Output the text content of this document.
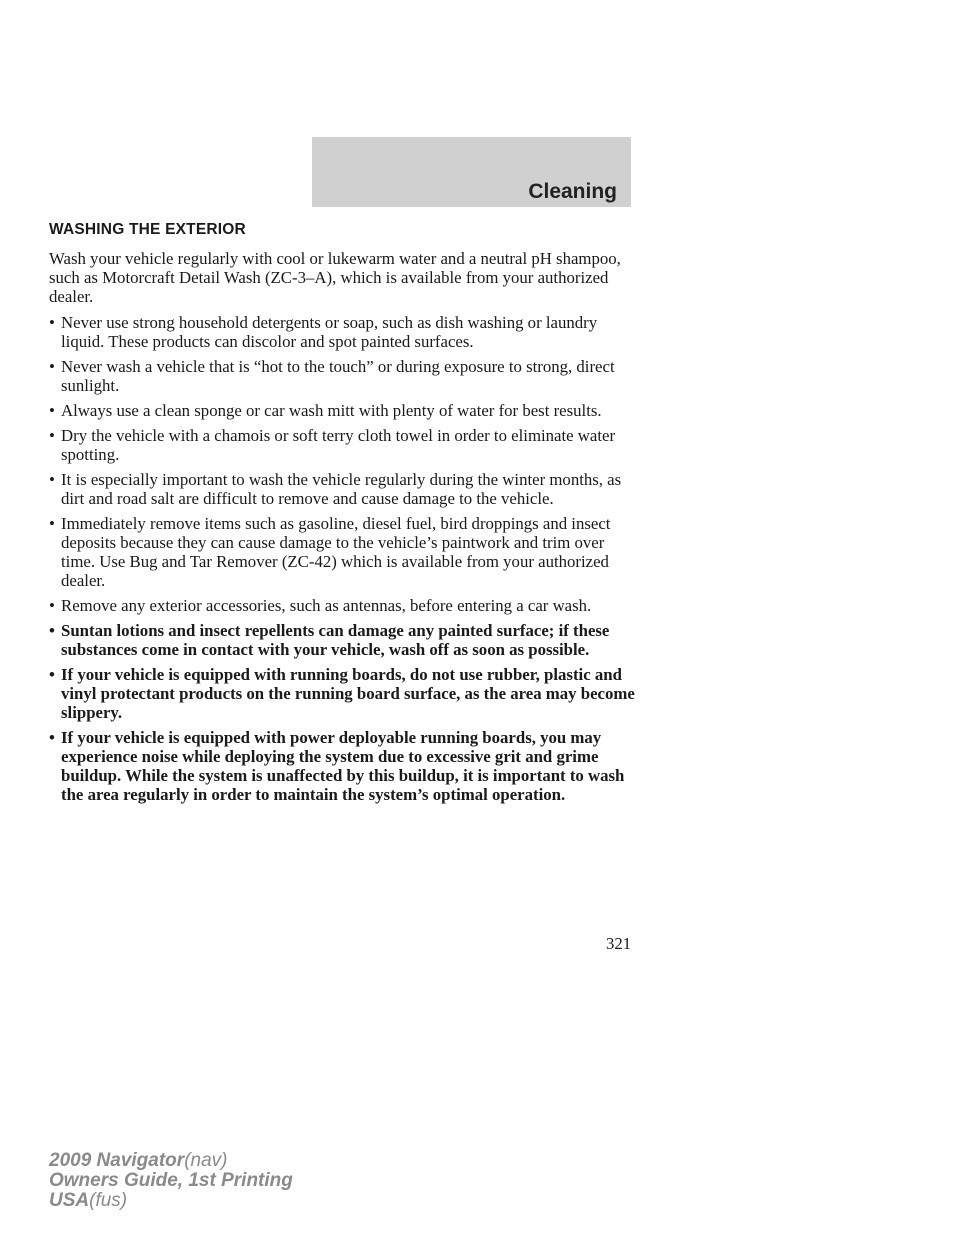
Cleaning
WASHING THE EXTERIOR

Wash your vehicle regularly with cool or lukewarm water and a neutral pH shampoo, such as Motorcraft Detail Wash (ZC-3–A), which is available from your authorized dealer.

• Never use strong household detergents or soap, such as dish washing or laundry liquid. These products can discolor and spot painted surfaces.
• Never wash a vehicle that is “hot to the touch” or during exposure to strong, direct sunlight.
• Always use a clean sponge or car wash mitt with plenty of water for best results.
• Dry the vehicle with a chamois or soft terry cloth towel in order to eliminate water spotting.
• It is especially important to wash the vehicle regularly during the winter months, as dirt and road salt are difficult to remove and cause damage to the vehicle.
• Immediately remove items such as gasoline, diesel fuel, bird droppings and insect deposits because they can cause damage to the vehicle’s paintwork and trim over time. Use Bug and Tar Remover (ZC-42) which is available from your authorized dealer.
• Remove any exterior accessories, such as antennas, before entering a car wash.
• Suntan lotions and insect repellents can damage any painted surface; if these substances come in contact with your vehicle, wash off as soon as possible.
• If your vehicle is equipped with running boards, do not use rubber, plastic and vinyl protectant products on the running board surface, as the area may become slippery.
• If your vehicle is equipped with power deployable running boards, you may experience noise while deploying the system due to excessive grit and grime buildup. While the system is unaffected by this buildup, it is important to wash the area regularly in order to maintain the system’s optimal operation.
321
2009 Navigator(nav)
Owners Guide, 1st Printing
USA(fus)
